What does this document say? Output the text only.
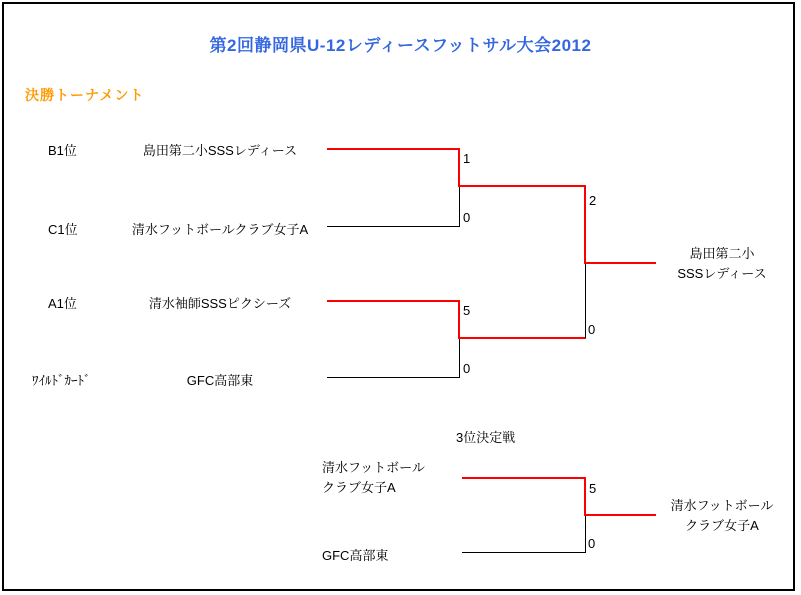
第2回静岡県U-12レディースフットサル大会2012
決勝トーナメント
B1位
C1位
A1位
ﾜｲﾙﾄﾞｶｰﾄﾞ
島田第二小SSSレディース
清水フットボールクラブ女子A
清水袖師SSSピクシーズ
GFC高部東
1
0
5
0
2
0
島田第二小
SSSレディース
3位決定戦
清水フットボール
クラブ女子A
GFC高部東
5
0
清水フットボール
クラブ女子A
